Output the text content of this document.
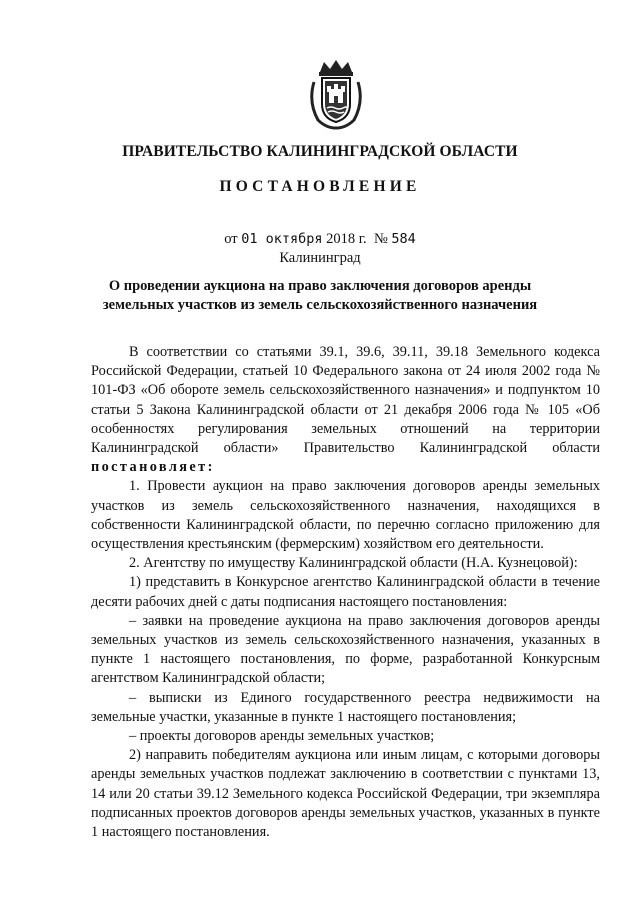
ПРАВИТЕЛЬСТВО КАЛИНИНГРАДСКОЙ ОБЛАСТИ
ПОСТАНОВЛЕНИЕ
от 01 октября 2018 г. № 584
Калининград
О проведении аукциона на право заключения договоров аренды
земельных участков из земель сельскохозяйственного назначения

В соответствии со статьями 39.1, 39.6, 39.11, 39.18 Земельного кодекса Российской Федерации, статьей 10 Федерального закона от 24 июля 2002 года № 101-ФЗ «Об обороте земель сельскохозяйственного назначения» и подпунктом 10 статьи 5 Закона Калининградской области от 21 декабря 2006 года № 105 «Об особенностях регулирования земельных отношений на территории Калининградской области» Правительство Калининградской области постановляет:

1. Провести аукцион на право заключения договоров аренды земельных участков из земель сельскохозяйственного назначения, находящихся в собственности Калининградской области, по перечню согласно приложению для осуществления крестьянским (фермерским) хозяйством его деятельности.

2. Агентству по имуществу Калининградской области (Н.А. Кузнецовой):

1) представить в Конкурсное агентство Калининградской области в течение десяти рабочих дней с даты подписания настоящего постановления:

– заявки на проведение аукциона на право заключения договоров аренды земельных участков из земель сельскохозяйственного назначения, указанных в пункте 1 настоящего постановления, по форме, разработанной Конкурсным агентством Калининградской области;

– выписки из Единого государственного реестра недвижимости на земельные участки, указанные в пункте 1 настоящего постановления;

– проекты договоров аренды земельных участков;

2) направить победителям аукциона или иным лицам, с которыми договоры аренды земельных участков подлежат заключению в соответствии с пунктами 13, 14 или 20 статьи 39.12 Земельного кодекса Российской Федерации, три экземпляра подписанных проектов договоров аренды земельных участков, указанных в пункте 1 настоящего постановления.
